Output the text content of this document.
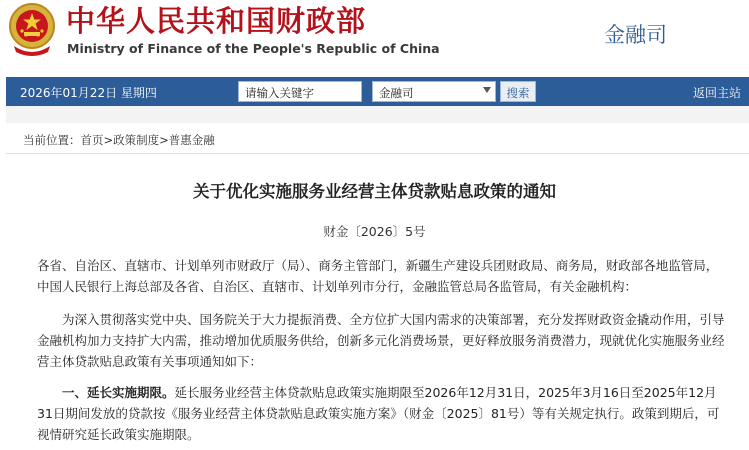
中华人民共和国财政部
Ministry of Finance of the People's Republic of China
金融司
2026年01月22日 星期四	请输入关键字	金融司	搜索	返回主站
当前位置：首页>政策制度>普惠金融
关于优化实施服务业经营主体贷款贴息政策的通知
财金〔2026〕5号
各省、自治区、直辖市、计划单列市财政厅（局）、商务主管部门，新疆生产建设兵团财政局、商务局，财政部各地监管局，中国人民银行上海总部及各省、自治区、直辖市、计划单列市分行，金融监管总局各监管局，有关金融机构：
为深入贯彻落实党中央、国务院关于大力提振消费、全方位扩大国内需求的决策部署，充分发挥财政资金撬动作用，引导金融机构加力支持扩大内需，推动增加优质服务供给，创新多元化消费场景，更好释放服务消费潜力，现就优化实施服务业经营主体贷款贴息政策有关事项通知如下：
一、延长实施期限。延长服务业经营主体贷款贴息政策实施期限至2026年12月31日，2025年3月16日至2025年12月31日期间发放的贷款按《服务业经营主体贷款贴息政策实施方案》（财金〔2025〕81号）等有关规定执行。政策到期后，可视情研究延长政策实施期限。
